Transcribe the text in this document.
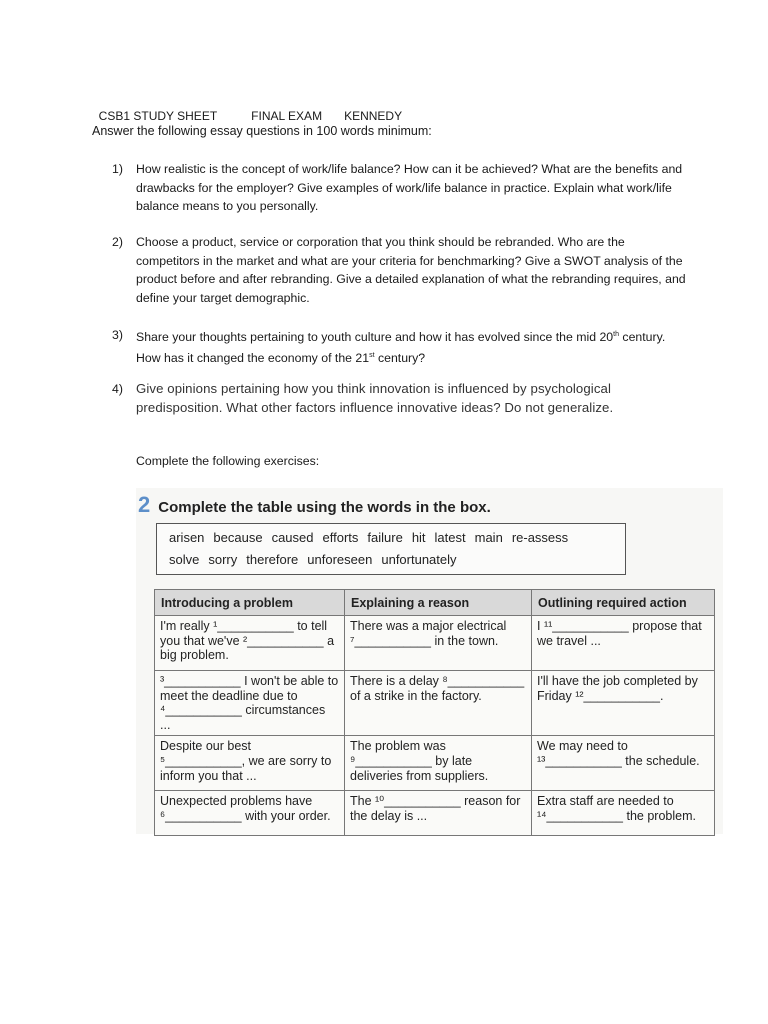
CSB1 STUDY SHEET	FINAL EXAM KENNEDY

Answer the following essay questions in 100 words minimum:
1)	How realistic is the concept of work/life balance? How can it be achieved? What are the benefits and drawbacks for the employer? Give examples of work/life balance in practice. Explain what work/life balance means to you personally.
2)	Choose a product, service or corporation that you think should be rebranded. Who are the competitors in the market and what are your criteria for benchmarking? Give a SWOT analysis of the product before and after rebranding. Give a detailed explanation of what the rebranding requires, and define your target demographic.
3)	Share your thoughts pertaining to youth culture and how it has evolved since the mid 20th century. How has it changed the economy of the 21st century?
4) Give opinions pertaining how you think innovation is influenced by psychological predisposition. What other factors influence innovative ideas? Do not generalize.
Complete the following exercises:
2 Complete the table using the words in the box.
arisen because caused efforts failure hit latest main re-assess
solve sorry therefore unforeseen unfortunately
Introducing a problem	Explaining a reason	Outlining required action
I'm really ¹___________ to tell you that we've ²___________ a big problem.	There was a major electrical ⁷___________ in the town.	I ¹¹___________ propose that we travel ...
³___________ I won't be able to meet the deadline due to ⁴___________ circumstances ...	There is a delay ⁸___________ of a strike in the factory.	I'll have the job completed by Friday ¹²___________.
Despite our best ⁵___________, we are sorry to inform you that ...	The problem was ⁹___________ by late deliveries from suppliers.	We may need to ¹³___________ the schedule.
Unexpected problems have ⁶___________ with your order.	The ¹⁰___________ reason for the delay is ...	Extra staff are needed to ¹⁴___________ the problem.
